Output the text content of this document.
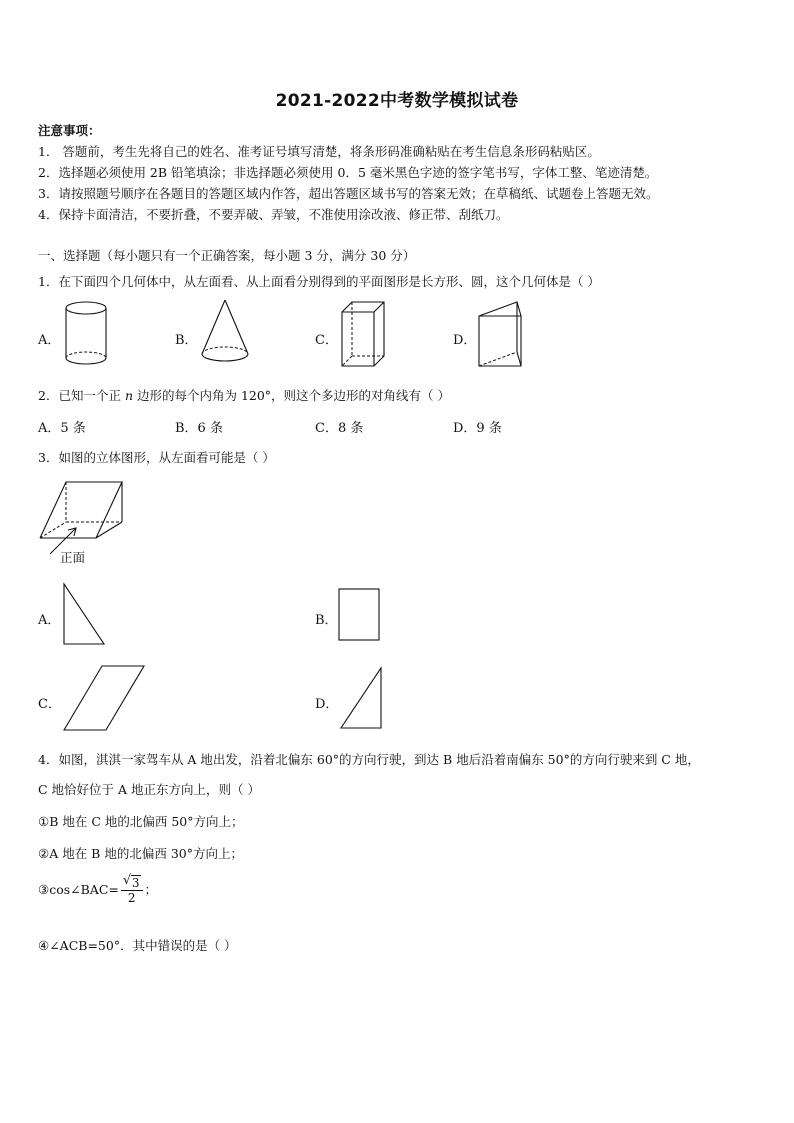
2021-2022中考数学模拟试卷
注意事项：
1． 答题前，考生先将自己的姓名、准考证号填写清楚，将条形码准确粘贴在考生信息条形码粘贴区。
2．选择题必须使用 2B 铅笔填涂；非选择题必须使用 0．5 毫米黑色字迹的签字笔书写，字体工整、笔迹清楚。
3．请按照题号顺序在各题目的答题区域内作答，超出答题区域书写的答案无效；在草稿纸、试题卷上答题无效。
4．保持卡面清洁，不要折叠，不要弄破、弄皱，不准使用涂改液、修正带、刮纸刀。
一、选择题（每小题只有一个正确答案，每小题 3 分，满分 30 分）
1．在下面四个几何体中，从左面看、从上面看分别得到的平面图形是长方形、圆，这个几何体是（ ）
A．	B．	C．	D．
2．已知一个正 n 边形的每个内角为 120°，则这个多边形的对角线有（ ）
A．5 条	B．6 条	C．8 条	D．9 条
3．如图的立体图形，从左面看可能是（ ）
正面
A．	B．
C．	D．
4．如图，淇淇一家驾车从 A 地出发，沿着北偏东 60°的方向行驶，到达 B 地后沿着南偏东 50°的方向行驶来到 C 地，
C 地恰好位于 A 地正东方向上，则（ ）
①B 地在 C 地的北偏西 50°方向上；
②A 地在 B 地的北偏西 30°方向上；
③cos∠BAC= $\frac{√ 3}{2}$ ；
④∠ACB=50°．其中错误的是（ ）
